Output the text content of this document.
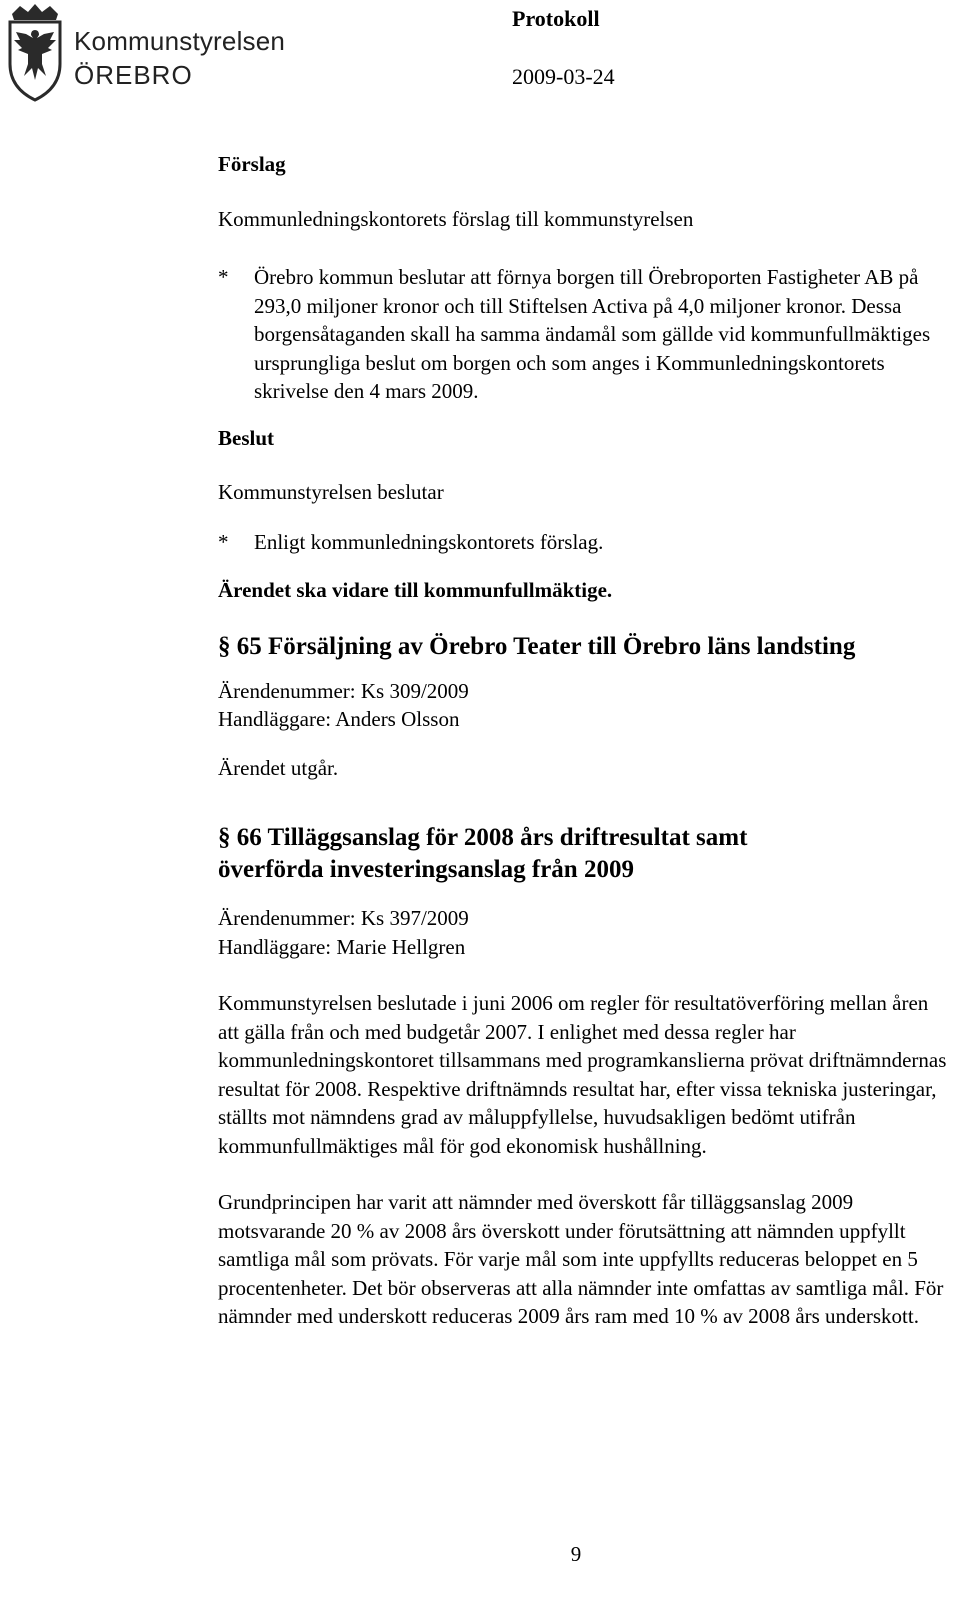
Kommunstyrelsen
ÖREBRO
Protokoll
2009-03-24
Förslag

Kommunledningskontorets förslag till kommunstyrelsen

* Örebro kommun beslutar att förnya borgen till Örebroporten Fastigheter AB på 293,0 miljoner kronor och till Stiftelsen Activa på 4,0 miljoner kronor. Dessa borgensåtaganden skall ha samma ändamål som gällde vid kommunfullmäktiges ursprungliga beslut om borgen och som anges i Kommunledningskontorets skrivelse den 4 mars 2009.
Beslut

Kommunstyrelsen beslutar

* Enligt kommunledningskontorets förslag.

Ärendet ska vidare till kommunfullmäktige.

§ 65 Försäljning av Örebro Teater till Örebro läns landsting

Ärendenummer: Ks 309/2009

Handläggare: Anders Olsson

Ärendet utgår.

§ 66 Tilläggsanslag för 2008 års driftresultat samt överförda investeringsanslag från 2009

Ärendenummer: Ks 397/2009

Handläggare: Marie Hellgren

Kommunstyrelsen beslutade i juni 2006 om regler för resultatöverföring mellan åren att gälla från och med budgetår 2007. I enlighet med dessa regler har kommunledningskontoret tillsammans med programkanslierna prövat driftnämndernas resultat för 2008. Respektive driftnämnds resultat har, efter vissa tekniska justeringar, ställts mot nämndens grad av måluppfyllelse, huvudsakligen bedömt utifrån kommunfullmäktiges mål för god ekonomisk hushållning.

Grundprincipen har varit att nämnder med överskott får tilläggsanslag 2009 motsvarande 20 % av 2008 års överskott under förutsättning att nämnden uppfyllt samtliga mål som prövats. För varje mål som inte uppfyllts reduceras beloppet en 5 procentenheter. Det bör observeras att alla nämnder inte omfattas av samtliga mål. För nämnder med underskott reduceras 2009 års ram med 10 % av 2008 års underskott.

9
